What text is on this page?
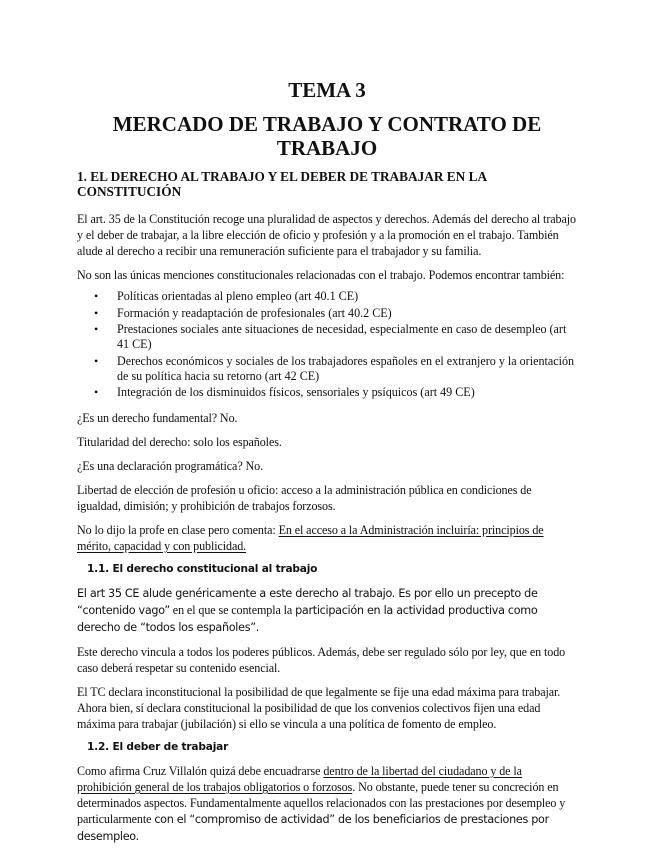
TEMA 3
MERCADO DE TRABAJO Y CONTRATO DE TRABAJO
1. EL DERECHO AL TRABAJO Y EL DEBER DE TRABAJAR EN LA
CONSTITUCIÓN

El art. 35 de la Constitución recoge una pluralidad de aspectos y derechos. Además del derecho al trabajo y el deber de trabajar, a la libre elección de oficio y profesión y a la promoción en el trabajo. También alude al derecho a recibir una remuneración suficiente para el trabajador y su familia.

No son las únicas menciones constitucionales relacionadas con el trabajo. Podemos encontrar también:

• Políticas orientadas al pleno empleo (art 40.1 CE)
• Formación y readaptación de profesionales (art 40.2 CE)
• Prestaciones sociales ante situaciones de necesidad, especialmente en caso de desempleo (art 41 CE)
• Derechos económicos y sociales de los trabajadores españoles en el extranjero y la orientación de su política hacia su retorno (art 42 CE)
• Integración de los disminuidos físicos, sensoriales y psíquicos (art 49 CE)

¿Es un derecho fundamental? No.

Titularidad del derecho: solo los españoles.

¿Es una declaración programática? No.

Libertad de elección de profesión u oficio: acceso a la administración pública en condiciones de igualdad, dimisión; y prohibición de trabajos forzosos.

No lo dijo la profe en clase pero comenta: En el acceso a la Administración incluiría: principios de mérito, capacidad y con publicidad.

1.1. El derecho constitucional al trabajo

El art 35 CE alude genéricamente a este derecho al trabajo. Es por ello un precepto de “contenido vago” en el que se contempla la participación en la actividad productiva como derecho de “todos los españoles”.

Este derecho vincula a todos los poderes públicos. Además, debe ser regulado sólo por ley, que en todo caso deberá respetar su contenido esencial.

El TC declara inconstitucional la posibilidad de que legalmente se fije una edad máxima para trabajar. Ahora bien, sí declara constitucional la posibilidad de que los convenios colectivos fijen una edad máxima para trabajar (jubilación) si ello se vincula a una política de fomento de empleo.

1.2. El deber de trabajar

Como afirma Cruz Villalón quizá debe encuadrarse dentro de la libertad del ciudadano y de la prohibición general de los trabajos obligatorios o forzosos. No obstante, puede tener su concreción en determinados aspectos. Fundamentalmente aquellos relacionados con las prestaciones por desempleo y particularmente con el “compromiso de actividad” de los beneficiarios de prestaciones por desempleo.
